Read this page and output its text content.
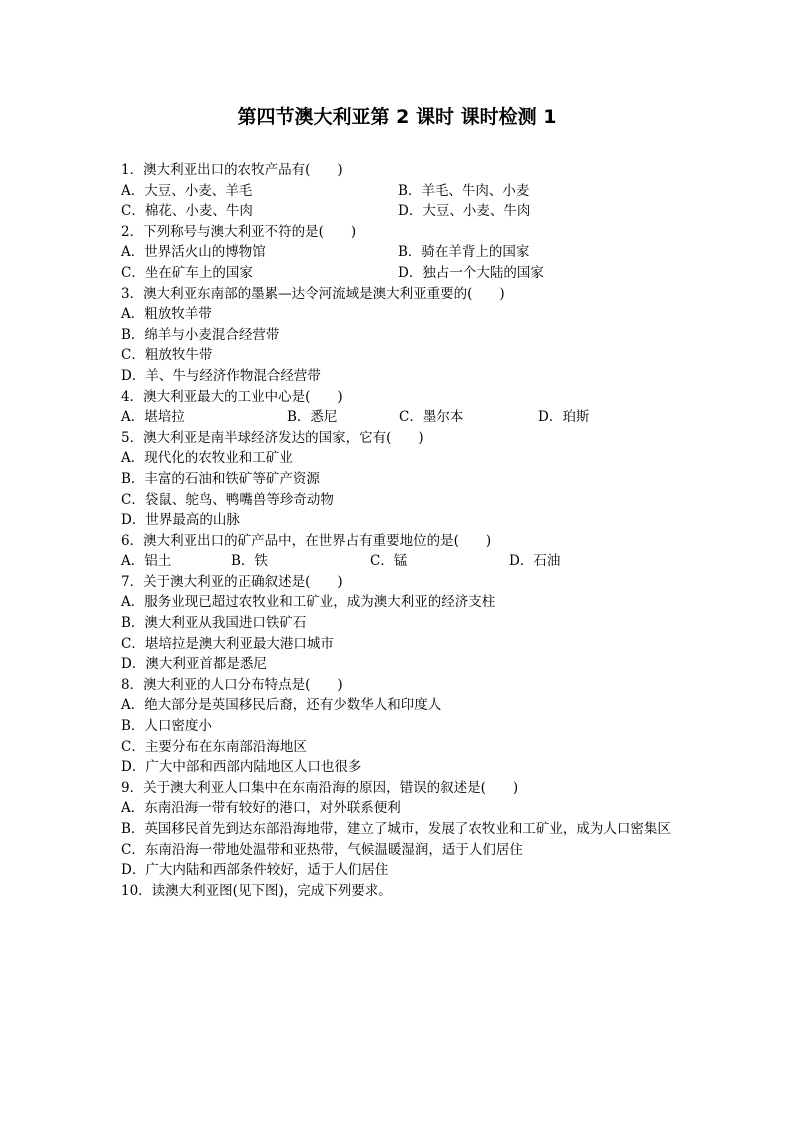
第四节澳大利亚第 2 课时 课时检测 1
1．澳大利亚出口的农牧产品有(　　)
A．大豆、小麦、羊毛	B．羊毛、牛肉、小麦
C．棉花、小麦、牛肉	D．大豆、小麦、牛肉
2．下列称号与澳大利亚不符的是(　　)
A．世界活火山的博物馆	B．骑在羊背上的国家
C．坐在矿车上的国家	D．独占一个大陆的国家
3．澳大利亚东南部的墨累—达令河流域是澳大利亚重要的(　　)
A．粗放牧羊带
B．绵羊与小麦混合经营带
C．粗放牧牛带
D．羊、牛与经济作物混合经营带
4．澳大利亚最大的工业中心是(　　)
A．堪培拉	B．悉尼	C．墨尔本	D．珀斯
5．澳大利亚是南半球经济发达的国家，它有(　　)
A．现代化的农牧业和工矿业
B．丰富的石油和铁矿等矿产资源
C．袋鼠、鸵鸟、鸭嘴兽等珍奇动物
D．世界最高的山脉
6．澳大利亚出口的矿产品中，在世界占有重要地位的是(　　)
A．铝土	B．铁	C．锰	D．石油
7．关于澳大利亚的正确叙述是(　　)
A．服务业现已超过农牧业和工矿业，成为澳大利亚的经济支柱
B．澳大利亚从我国进口铁矿石
C．堪培拉是澳大利亚最大港口城市
D．澳大利亚首都是悉尼
8．澳大利亚的人口分布特点是(　　)
A．绝大部分是英国移民后裔，还有少数华人和印度人
B．人口密度小
C．主要分布在东南部沿海地区
D．广大中部和西部内陆地区人口也很多
9．关于澳大利亚人口集中在东南沿海的原因，错误的叙述是(　　)
A．东南沿海一带有较好的港口，对外联系便利
B．英国移民首先到达东部沿海地带，建立了城市，发展了农牧业和工矿业，成为人口密集区
C．东南沿海一带地处温带和亚热带，气候温暖湿润，适于人们居住
D．广大内陆和西部条件较好，适于人们居住
10．读澳大利亚图(见下图)，完成下列要求。
